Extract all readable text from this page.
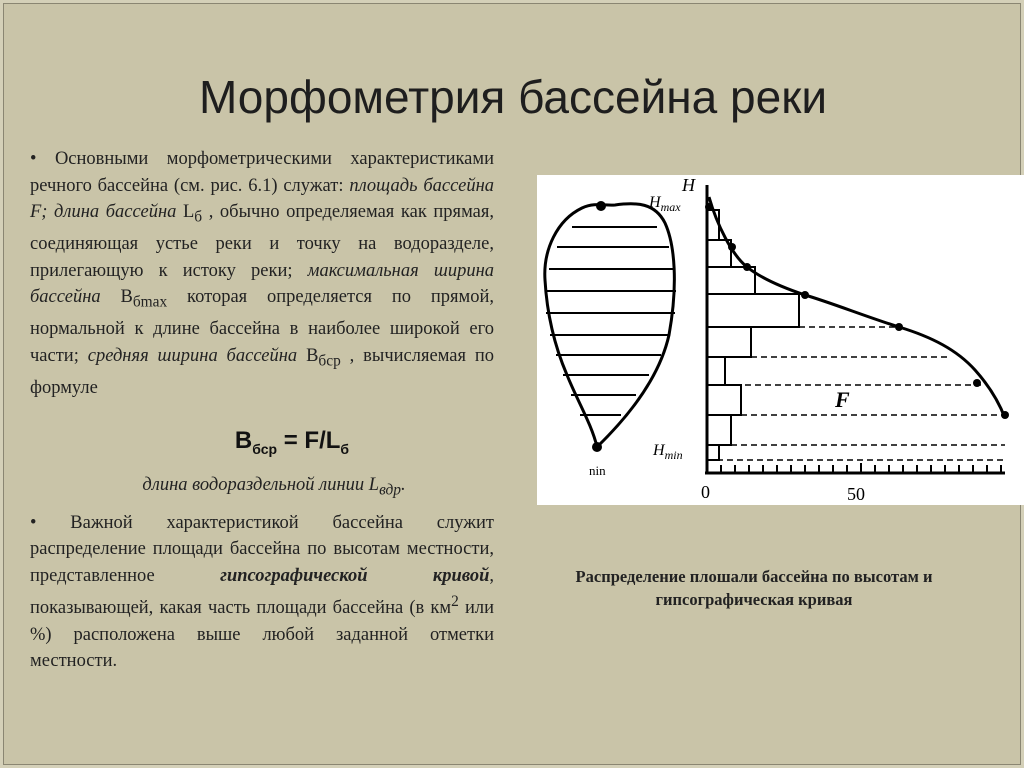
Морфометрия бассейна реки

• Основными морфометрическими характеристиками речного бассейна (см. рис. 6.1) служат: площадь бассейна F; длина бассейна $L_б$ , обычно определяемая как прямая, соединяющая устье реки и точку на водоразделе, прилегающую к истоку реки; максимальная ширина бассейна $В_{бmax}$ которая определяется по прямой, нормальной к длине бассейна в наиболее широкой его части; средняя ширина бассейна $В_{бср}$ , вычисляемая по формуле

$В_{бср} = F/L_б$
длина водораздельной линии $L_{вдр}$.

• Важной характеристикой бассейна служит распределение площади бассейна по высотам местности, представленное гипсографической кривой, показывающей, какая часть площади бассейна (в $км^2$ или %) расположена выше любой заданной отметки местности.

nin
H
$H_{max}$
$H_{min}$
F
0	50
Распределение плошали бассейна по высотам и гипсографическая кривая
